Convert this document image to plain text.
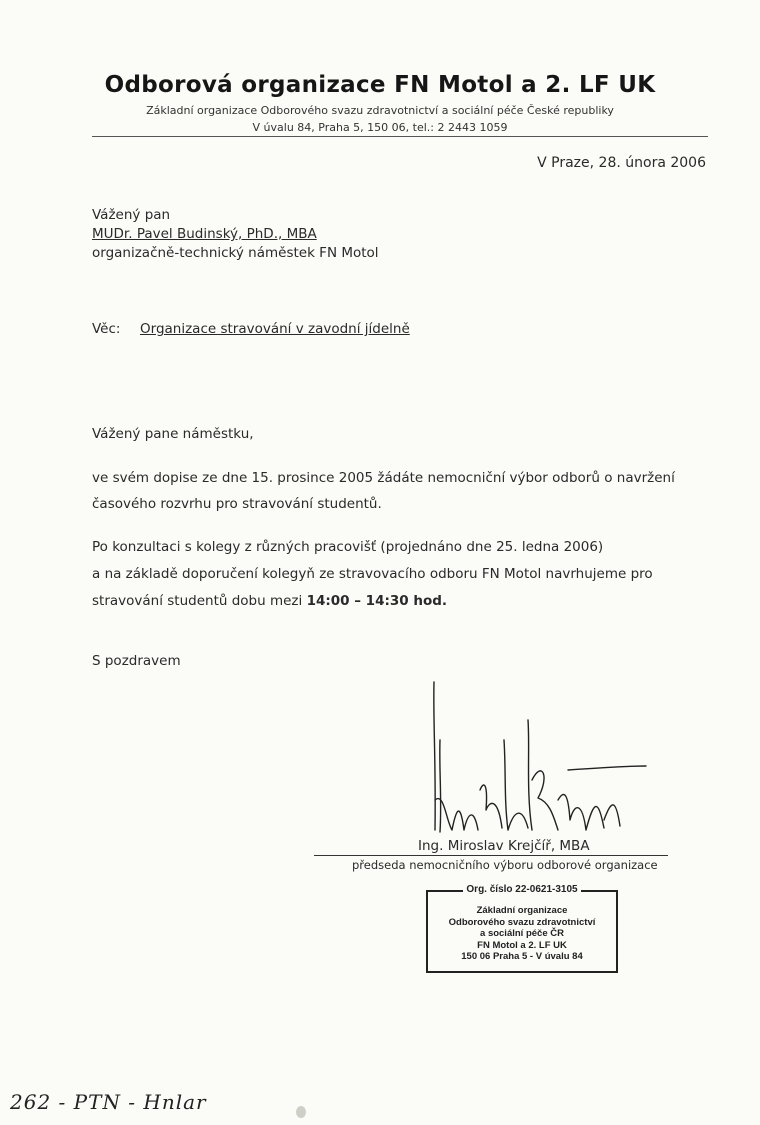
Odborová organizace FN Motol a 2. LF UK
Základní organizace Odborového svazu zdravotnictví a sociální péče České republiky
V úvalu 84, Praha 5, 150 06, tel.: 2 2443 1059
V Praze, 28. února 2006
Vážený pan
MUDr. Pavel Budinský, PhD., MBA
organizačně-technický náměstek FN Motol
Věc: Organizace stravování v zavodní jídelně
Vážený pane náměstku,
ve svém dopise ze dne 15. prosince 2005 žádáte nemocniční výbor odborů o navržení
časového rozvrhu pro stravování studentů.
Po konzultaci s kolegy z různých pracovišť (projednáno dne 25. ledna 2006)
a na základě doporučení kolegyň ze stravovacího odboru FN Motol navrhujeme pro
stravování studentů dobu mezi 14:00 – 14:30 hod.
S pozdravem
Ing. Miroslav Krejčíř, MBA
předseda nemocničního výboru odborové organizace
Org. číslo 22-0621-3105
Základní organizace
Odborového svazu zdravotnictví
a sociální péče ČR
FN Motol a 2. LF UK
150 06 Praha 5 - V úvalu 84
262 - PTN - Hnlar
